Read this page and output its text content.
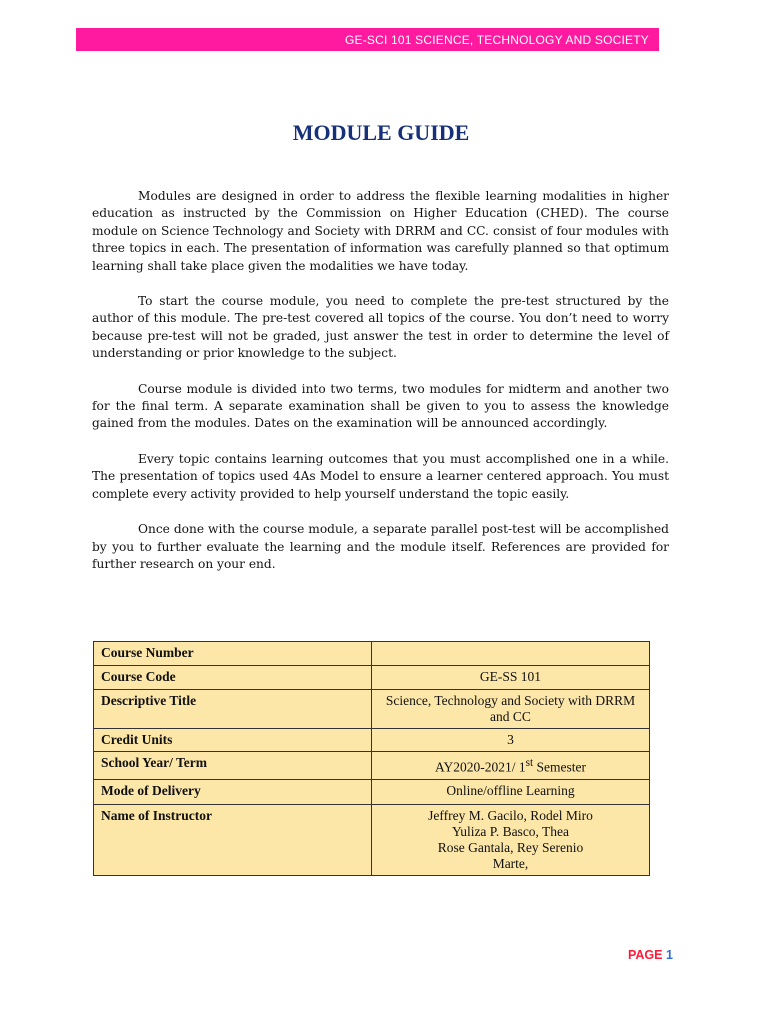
GE-SCI 101 SCIENCE, TECHNOLOGY AND SOCIETY
MODULE GUIDE

Modules are designed in order to address the flexible learning modalities in higher education as instructed by the Commission on Higher Education (CHED). The course module on Science Technology and Society with DRRM and CC. consist of four modules with three topics in each. The presentation of information was carefully planned so that optimum learning shall take place given the modalities we have today.

To start the course module, you need to complete the pre-test structured by the author of this module. The pre-test covered all topics of the course. You don’t need to worry because pre-test will not be graded, just answer the test in order to determine the level of understanding or prior knowledge to the subject.

Course module is divided into two terms, two modules for midterm and another two for the final term. A separate examination shall be given to you to assess the knowledge gained from the modules. Dates on the examination will be announced accordingly.

Every topic contains learning outcomes that you must accomplished one in a while. The presentation of topics used 4As Model to ensure a learner centered approach. You must complete every activity provided to help yourself understand the topic easily.

Once done with the course module, a separate parallel post-test will be accomplished by you to further evaluate the learning and the module itself. References are provided for further research on your end.

Course Number	
Course Code	GE-SS 101
Descriptive Title	Science, Technology and Society with DRRM and CC
Credit Units	3
School Year/ Term	AY2020-2021/ 1st Semester
Mode of Delivery	Online/offline Learning
Name of Instructor	Jeffrey M. Gacilo, Rodel Miro
Yuliza P. Basco, Thea
Rose Gantala, Rey Serenio
Marte,
PAGE 1
